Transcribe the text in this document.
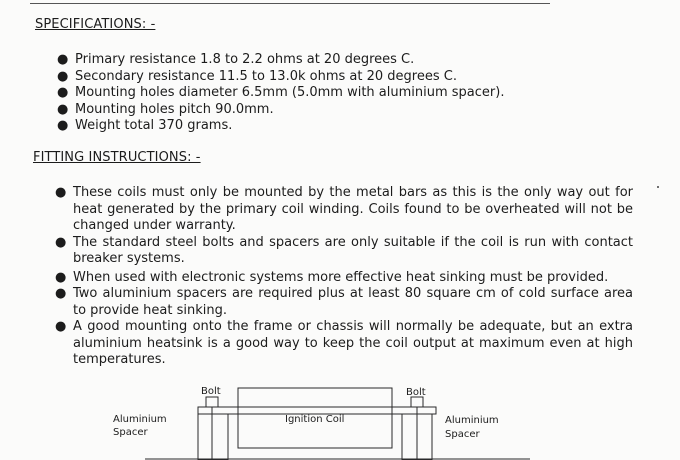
SPECIFICATIONS: -
● Primary resistance 1.8 to 2.2 ohms at 20 degrees C.
● Secondary resistance 11.5 to 13.0k ohms at 20 degrees C.
● Mounting holes diameter 6.5mm (5.0mm with aluminium spacer).
● Mounting holes pitch 90.0mm.
● Weight total 370 grams.
FITTING INSTRUCTIONS: -
● These coils must only be mounted by the metal bars as this is the only way out for heat generated by the primary coil winding. Coils found to be overheated will not be changed under warranty.
● The standard steel bolts and spacers are only suitable if the coil is run with contact breaker systems.
● When used with electronic systems more effective heat sinking must be provided.
● Two aluminium spacers are required plus at least 80 square cm of cold surface area to provide heat sinking.
● A good mounting onto the frame or chassis will normally be adequate, but an extra aluminium heatsink is a good way to keep the coil output at maximum even at high temperatures.
Bolt	Bolt
Ignition Coil
Aluminium
Spacer
Aluminium
Spacer
